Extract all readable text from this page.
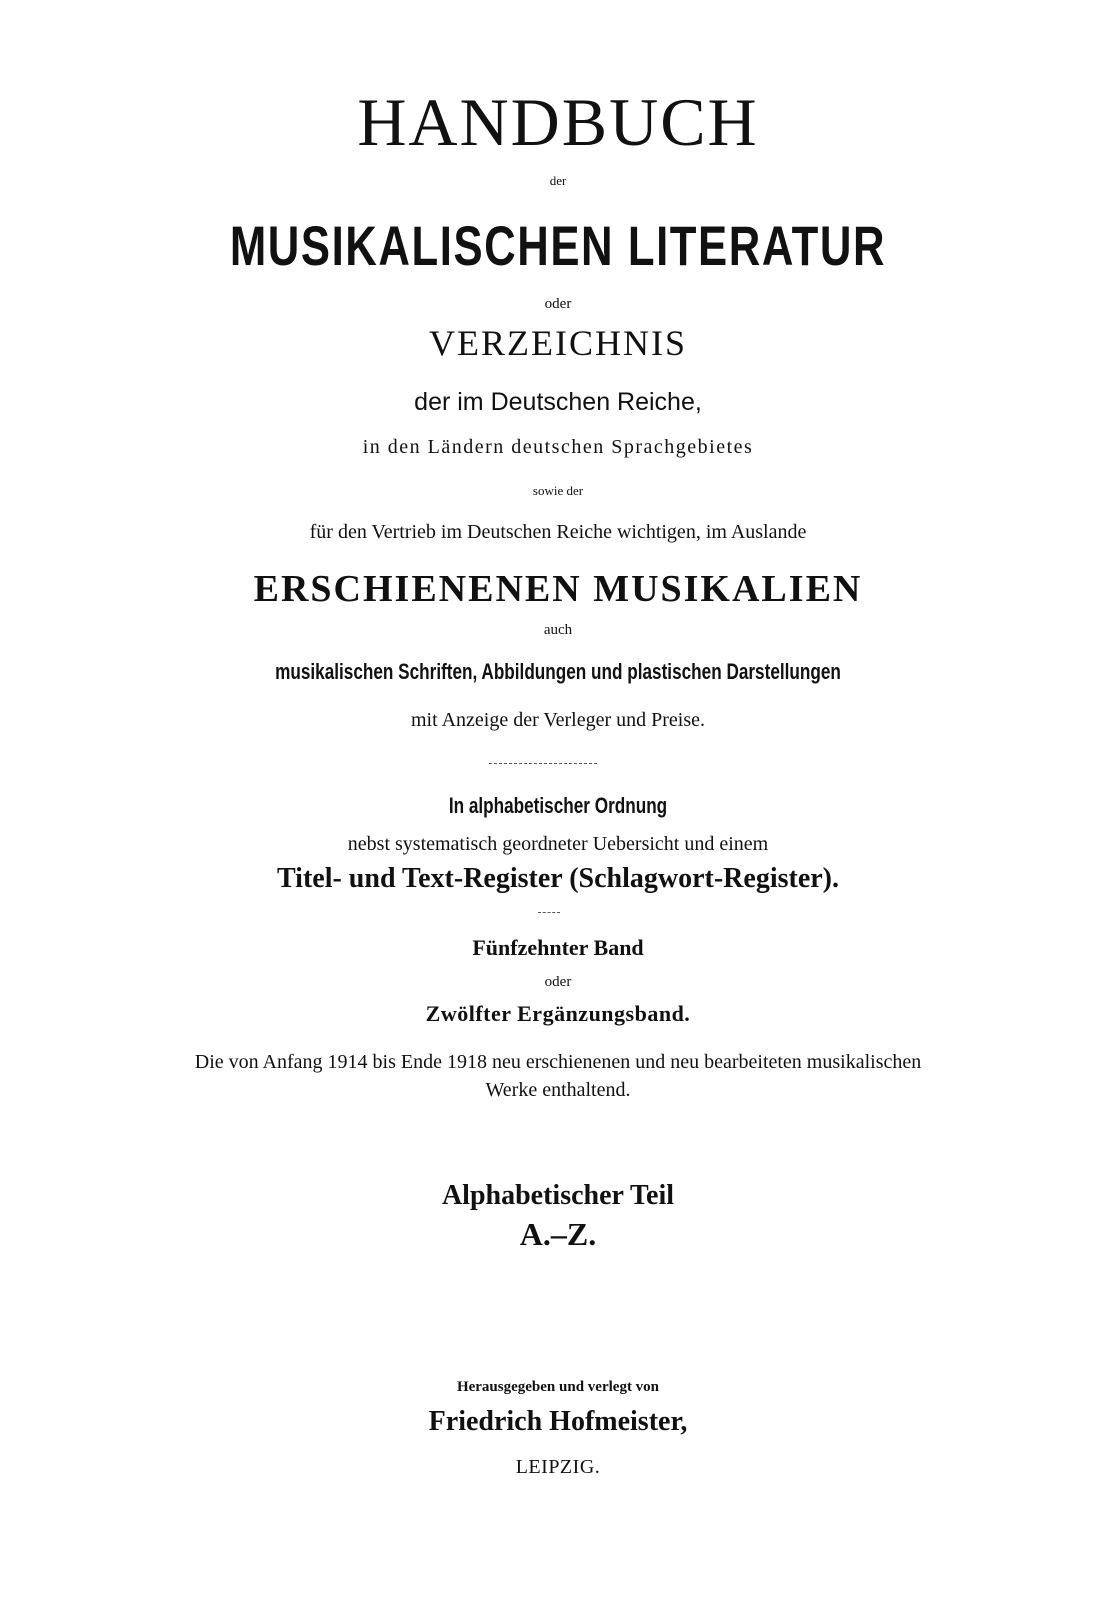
HANDBUCH
der
MUSIKALISCHEN LITERATUR
oder
VERZEICHNIS
der im Deutschen Reiche,
in den Ländern deutschen Sprachgebietes
sowie der
für den Vertrieb im Deutschen Reiche wichtigen, im Auslande
ERSCHIENENEN MUSIKALIEN
auch
musikalischen Schriften, Abbildungen und plastischen Darstellungen
mit Anzeige der Verleger und Preise.
In alphabetischer Ordnung
nebst systematisch geordneter Uebersicht und einem
Titel- und Text-Register (Schlagwort-Register).
Fünfzehnter Band
oder
Zwölfter Ergänzungsband.
Die von Anfang 1914 bis Ende 1918 neu erschienenen und neu bearbeiteten musikalischen
Werke enthaltend.
Alphabetischer Teil
A.–Z.
Herausgegeben und verlegt von
Friedrich Hofmeister,
LEIPZIG.
